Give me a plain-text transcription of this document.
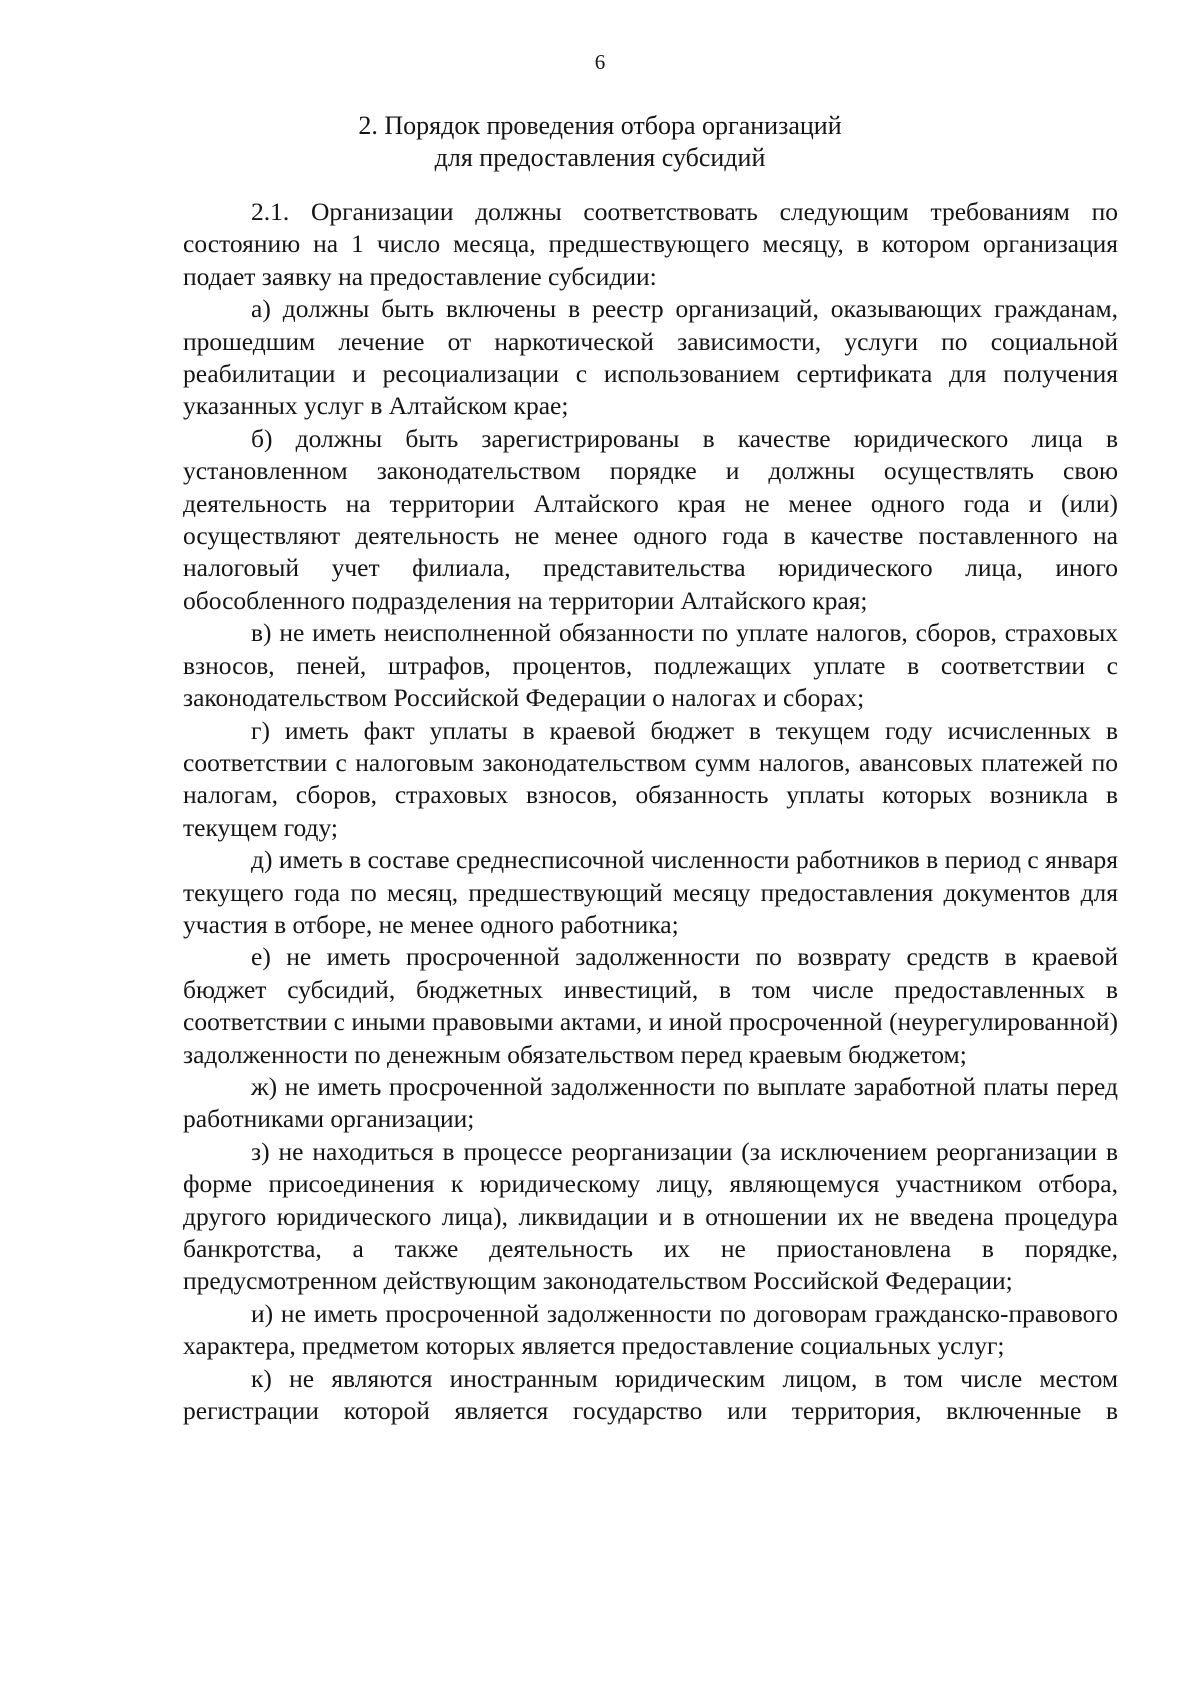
6
2. Порядок проведения отбора организаций
для предоставления субсидий

2.1. Организации должны соответствовать следующим требованиям по состоянию на 1 число месяца, предшествующего месяцу, в котором организация подает заявку на предоставление субсидии:

а) должны быть включены в реестр организаций, оказывающих гражданам, прошедшим лечение от наркотической зависимости, услуги по социальной реабилитации и ресоциализации с использованием сертификата для получения указанных услуг в Алтайском крае;

б) должны быть зарегистрированы в качестве юридического лица в установленном законодательством порядке и должны осуществлять свою деятельность на территории Алтайского края не менее одного года и (или) осуществляют деятельность не менее одного года в качестве поставленного на налоговый учет филиала, представительства юридического лица, иного обособленного подразделения на территории Алтайского края;

в) не иметь неисполненной обязанности по уплате налогов, сборов, страховых взносов, пеней, штрафов, процентов, подлежащих уплате в соответствии с законодательством Российской Федерации о налогах и сборах;

г) иметь факт уплаты в краевой бюджет в текущем году исчисленных в соответствии с налоговым законодательством сумм налогов, авансовых платежей по налогам, сборов, страховых взносов, обязанность уплаты которых возникла в текущем году;

д) иметь в составе среднесписочной численности работников в период с января текущего года по месяц, предшествующий месяцу предоставления документов для участия в отборе, не менее одного работника;

е) не иметь просроченной задолженности по возврату средств в краевой бюджет субсидий, бюджетных инвестиций, в том числе предоставленных в соответствии с иными правовыми актами, и иной просроченной (неурегулированной) задолженности по денежным обязательством перед краевым бюджетом;

ж) не иметь просроченной задолженности по выплате заработной платы перед работниками организации;

з) не находиться в процессе реорганизации (за исключением реорганизации в форме присоединения к юридическому лицу, являющемуся участником отбора, другого юридического лица), ликвидации и в отношении их не введена процедура банкротства, а также деятельность их не приостановлена в порядке, предусмотренном действующим законодательством Российской Федерации;

и) не иметь просроченной задолженности по договорам гражданско-правового характера, предметом которых является предоставление социальных услуг;

к) не являются иностранным юридическим лицом, в том числе местом регистрации которой является государство или территория, включенные в
